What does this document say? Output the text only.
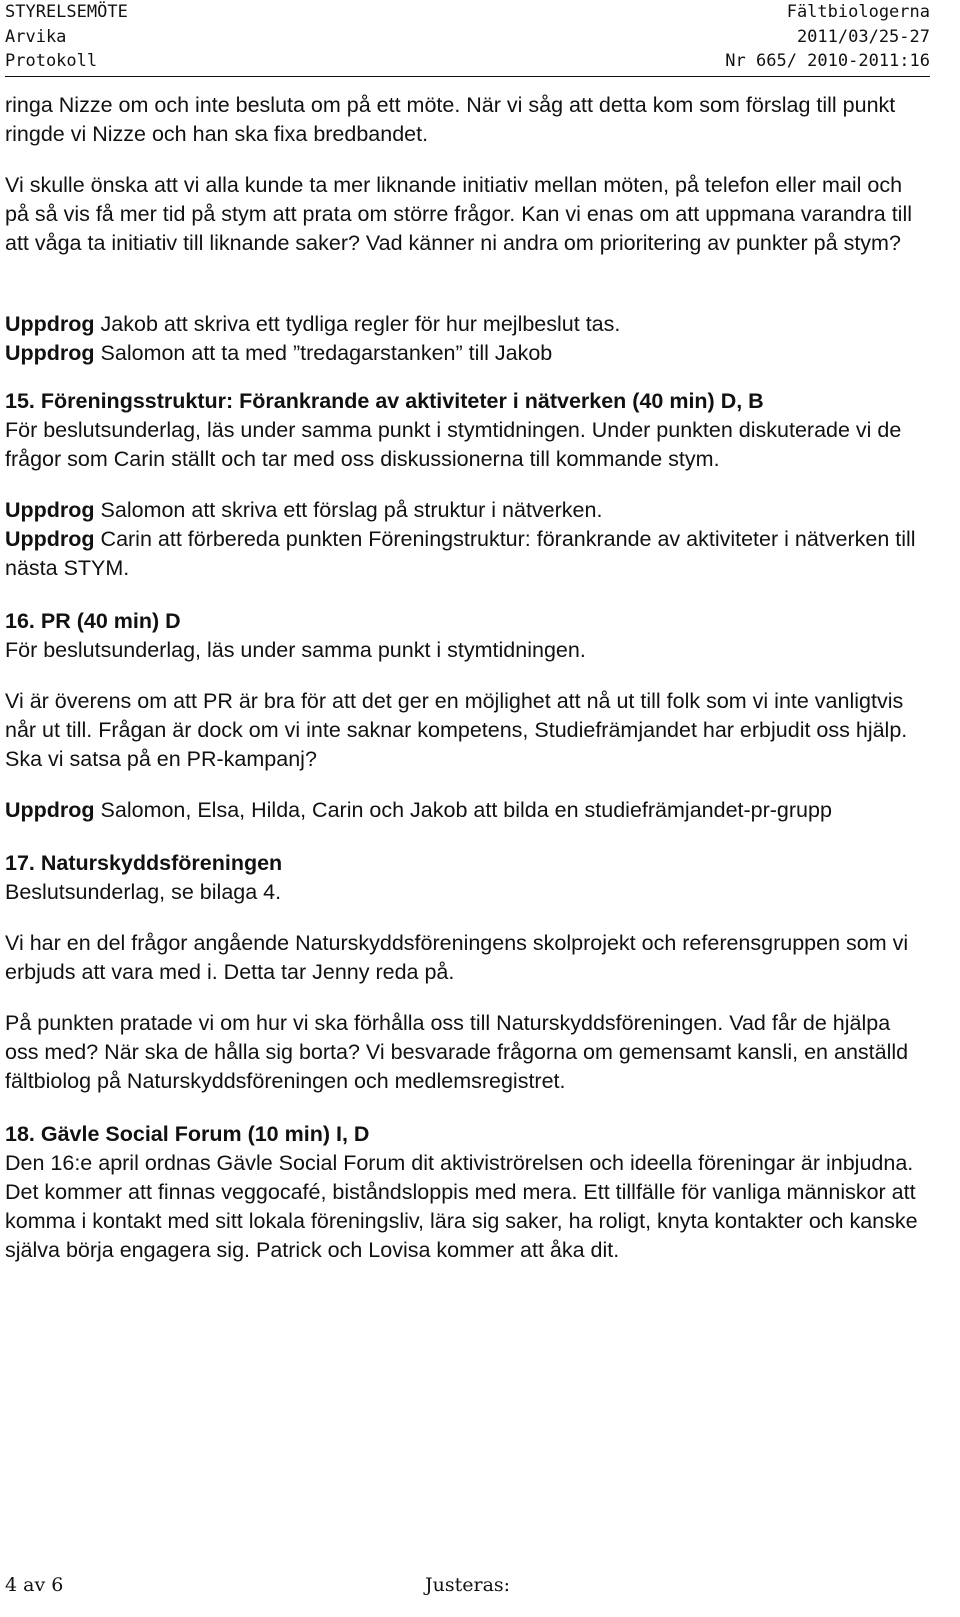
STYRELSEMÖTE	Fältbiologerna
Arvika	2011/03/25-27
Protokoll	Nr 665/ 2010-2011:16

ringa Nizze om och inte besluta om på ett möte. När vi såg att detta kom som förslag till punkt ringde vi Nizze och han ska fixa bredbandet.

Vi skulle önska att vi alla kunde ta mer liknande initiativ mellan möten, på telefon eller mail och på så vis få mer tid på stym att prata om större frågor. Kan vi enas om att uppmana varandra till att våga ta initiativ till liknande saker? Vad känner ni andra om prioritering av punkter på stym?

Uppdrog Jakob att skriva ett tydliga regler för hur mejlbeslut tas.

Uppdrog Salomon att ta med ”tredagarstanken” till Jakob

15. Föreningsstruktur: Förankrande av aktiviteter i nätverken (40 min) D, B

För beslutsunderlag, läs under samma punkt i stymtidningen. Under punkten diskuterade vi de frågor som Carin ställt och tar med oss diskussionerna till kommande stym.

Uppdrog Salomon att skriva ett förslag på struktur i nätverken.

Uppdrog Carin att förbereda punkten Föreningstruktur: förankrande av aktiviteter i nätverken till nästa STYM.

16. PR (40 min) D

För beslutsunderlag, läs under samma punkt i stymtidningen.

Vi är överens om att PR är bra för att det ger en möjlighet att nå ut till folk som vi inte vanligtvis når ut till. Frågan är dock om vi inte saknar kompetens, Studiefrämjandet har erbjudit oss hjälp. Ska vi satsa på en PR-kampanj?

Uppdrog Salomon, Elsa, Hilda, Carin och Jakob att bilda en studiefrämjandet-pr-grupp

17. Naturskyddsföreningen

Beslutsunderlag, se bilaga 4.

Vi har en del frågor angående Naturskyddsföreningens skolprojekt och referensgruppen som vi erbjuds att vara med i. Detta tar Jenny reda på.

På punkten pratade vi om hur vi ska förhålla oss till Naturskyddsföreningen. Vad får de hjälpa oss med? När ska de hålla sig borta? Vi besvarade frågorna om gemensamt kansli, en anställd fältbiolog på Naturskyddsföreningen och medlemsregistret.

18. Gävle Social Forum (10 min) I, D

Den 16:e april ordnas Gävle Social Forum dit aktiviströrelsen och ideella föreningar är inbjudna. Det kommer att finnas veggocafé, biståndsloppis med mera. Ett tillfälle för vanliga människor att komma i kontakt med sitt lokala föreningsliv, lära sig saker, ha roligt, knyta kontakter och kanske själva börja engagera sig. Patrick och Lovisa kommer att åka dit.

4 av 6	Justeras:
